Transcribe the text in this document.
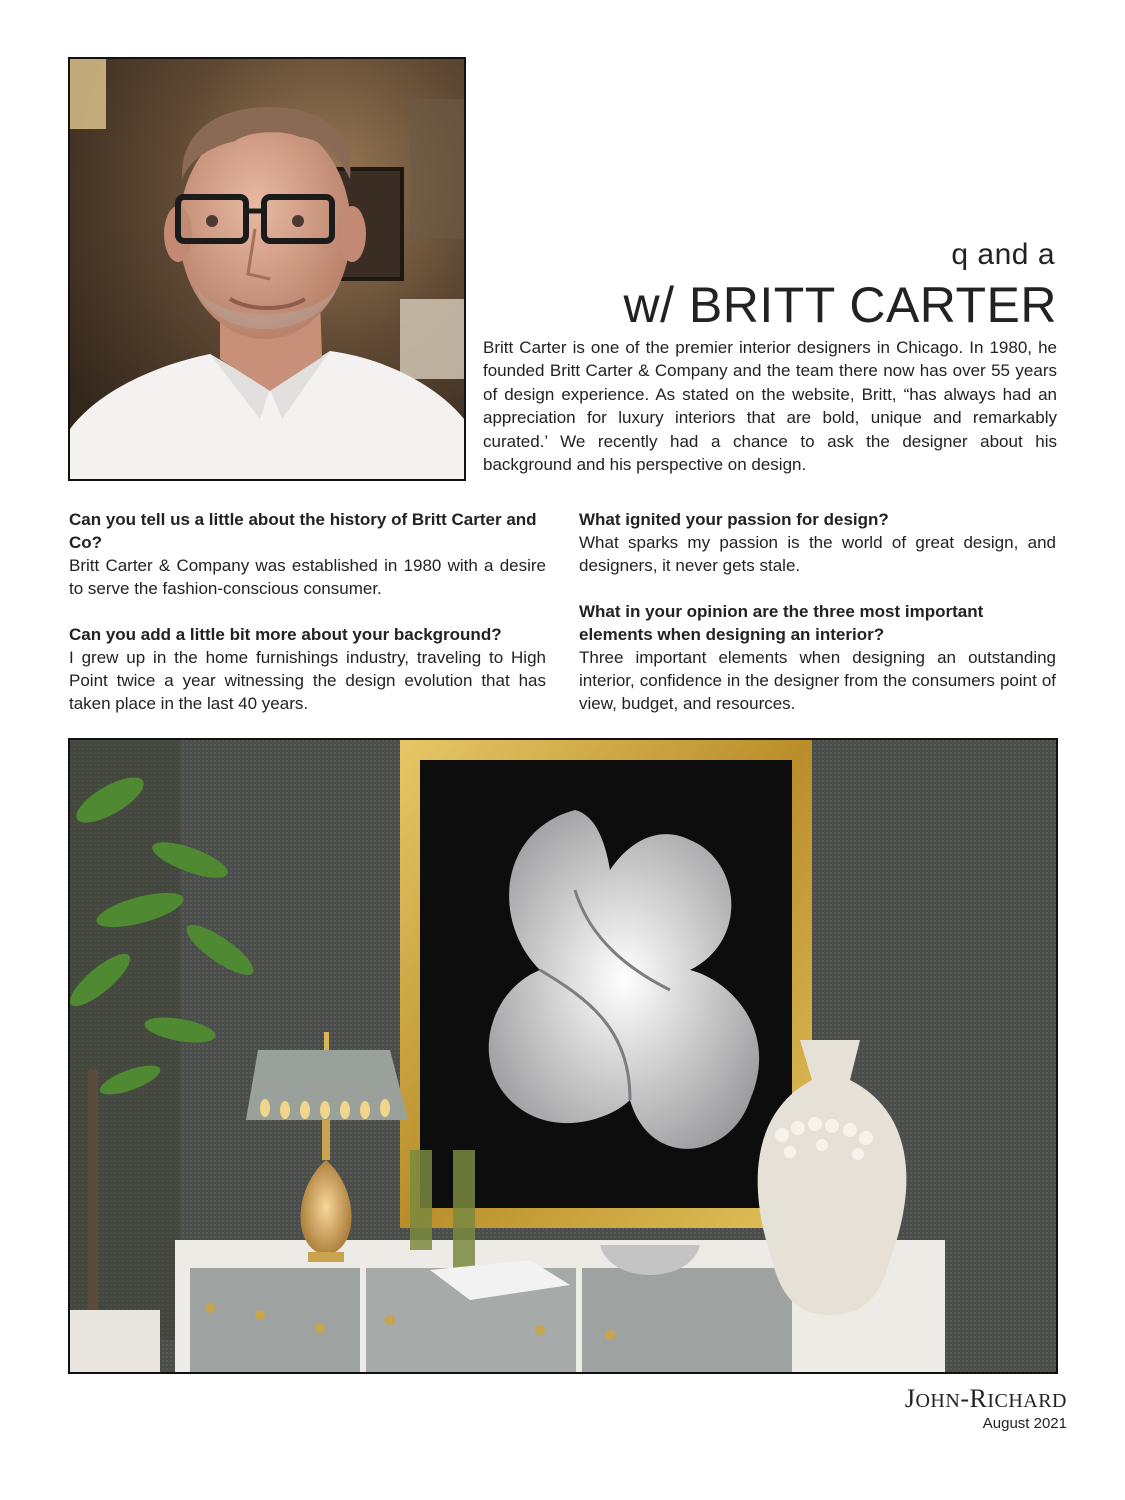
q and a
w/ BRITT CARTER

Britt Carter is one of the premier interior designers in Chicago. In 1980, he founded Britt Carter & Company and the team there now has over 55 years of design experience. As stated on the website, Britt, “has always had an appreciation for luxury interiors that are bold, unique and remarkably curated.’ We recently had a chance to ask the designer about his background and his perspective on design.

Can you tell us a little about the history of Britt Carter and Co?

Britt Carter & Company was established in 1980 with a desire to serve the fashion-conscious consumer.

Can you add a little bit more about your background?

I grew up in the home furnishings industry, traveling to High Point twice a year witnessing the design evolution that has taken place in the last 40 years.

What ignited your passion for design?

What sparks my passion is the world of great design, and designers, it never gets stale.

What in your opinion are the three most important elements when designing an interior?

Three important elements when designing an outstanding interior, confidence in the designer from the consumers point of view, budget, and resources.

JOHN-RICHARD
August 2021
